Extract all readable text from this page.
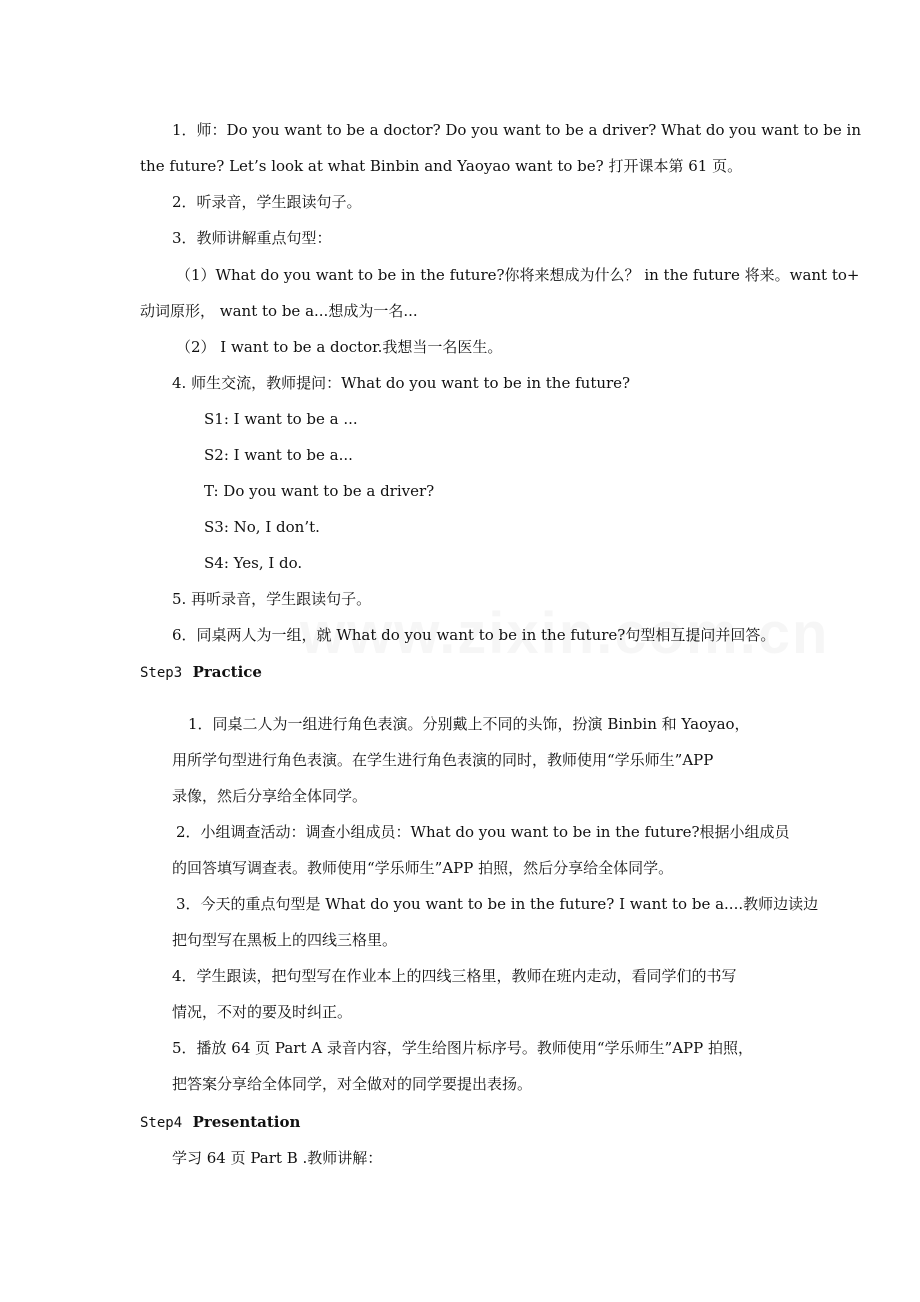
1．师：Do you want to be a doctor? Do you want to be a driver? What do you want to be in
the future? Let’s look at what Binbin and Yaoyao want to be? 打开课本第 61 页。
2．听录音，学生跟读句子。
3．教师讲解重点句型：
（1）What do you want to be in the future?你将来想成为什么？ in the future 将来。want to+
动词原形， want to be a...想成为一名...
（2） I want to be a doctor.我想当一名医生。
4. 师生交流，教师提问：What do you want to be in the future?
S1: I want to be a ...
S2: I want to be a...
T: Do you want to be a driver?
S3: No, I don’t.
S4: Yes, I do.
5. 再听录音，学生跟读句子。
6．同桌两人为一组，就 What do you want to be in the future?句型相互提问并回答。
Step3 Practice
1．同桌二人为一组进行角色表演。分别戴上不同的头饰，扮演 Binbin 和 Yaoyao，
用所学句型进行角色表演。在学生进行角色表演的同时，教师使用“学乐师生”APP
录像，然后分享给全体同学。
2．小组调查活动：调查小组成员：What do you want to be in the future?根据小组成员
的回答填写调查表。教师使用“学乐师生”APP 拍照，然后分享给全体同学。
3．今天的重点句型是 What do you want to be in the future? I want to be a....教师边读边
把句型写在黑板上的四线三格里。
4．学生跟读，把句型写在作业本上的四线三格里，教师在班内走动，看同学们的书写
情况，不对的要及时纠正。
5．播放 64 页 Part A 录音内容，学生给图片标序号。教师使用“学乐师生”APP 拍照，
把答案分享给全体同学，对全做对的同学要提出表扬。
Step4 Presentation
学习 64 页 Part B .教师讲解：
